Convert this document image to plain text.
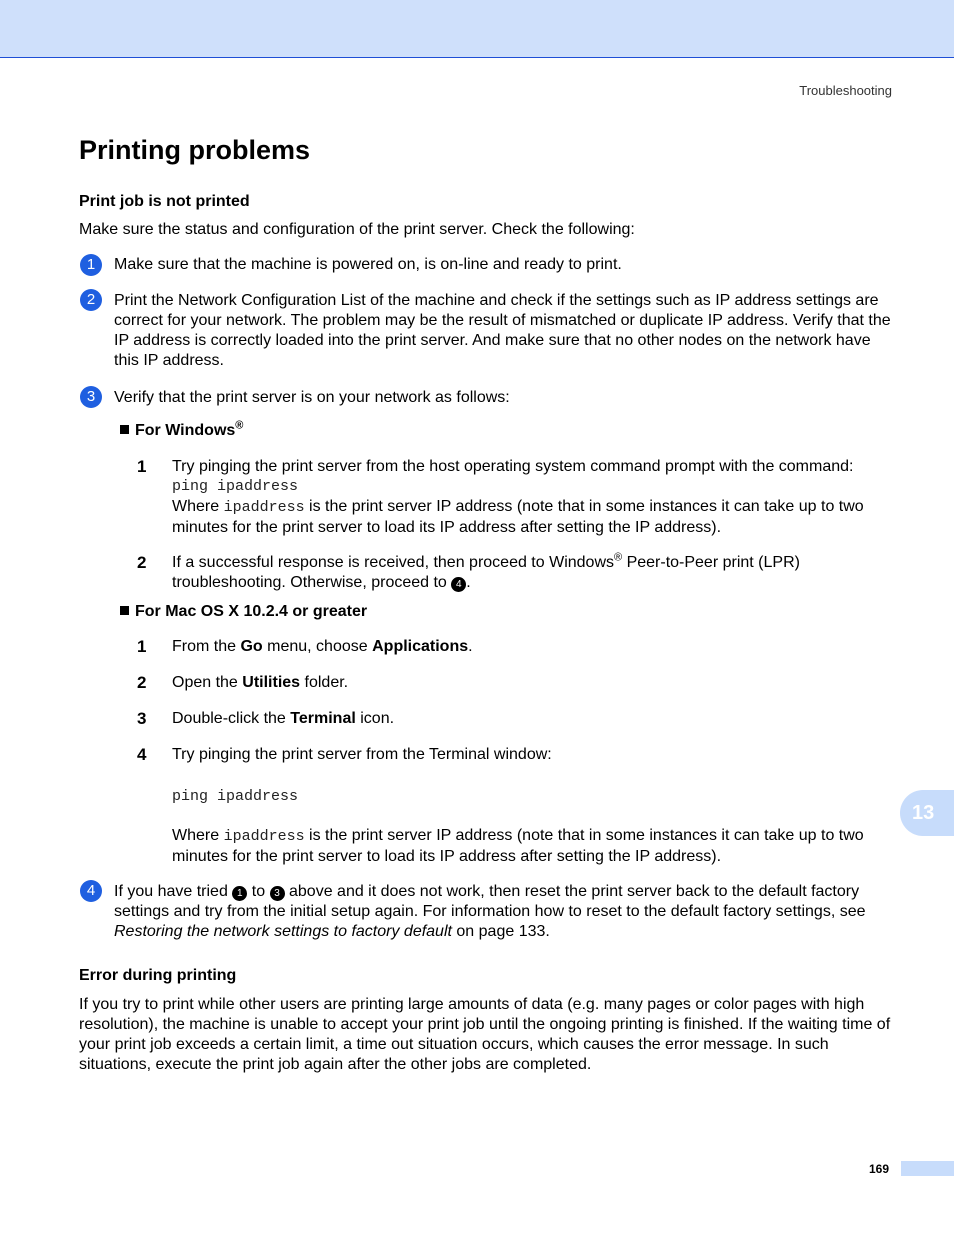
Troubleshooting
Printing problems
Print job is not printed
Make sure the status and configuration of the print server. Check the following:
1	Make sure that the machine is powered on, is on-line and ready to print.
2	Print the Network Configuration List of the machine and check if the settings such as IP address settings are correct for your network. The problem may be the result of mismatched or duplicate IP address. Verify that the IP address is correctly loaded into the print server. And make sure that no other nodes on the network have this IP address.
3	Verify that the print server is on your network as follows:
For Windows®
1 Try pinging the print server from the host operating system command prompt with the command:
ping ipaddress
Where ipaddress is the print server IP address (note that in some instances it can take up to two minutes for the print server to load its IP address after setting the IP address).
2 If a successful response is received, then proceed to Windows® Peer-to-Peer print (LPR) troubleshooting. Otherwise, proceed to 4 .
For Mac OS X 10.2.4 or greater
1 From the Go menu, choose Applications.
2 Open the Utilities folder.
3 Double-click the Terminal icon.
4 Try pinging the print server from the Terminal window:
ping ipaddress
Where ipaddress is the print server IP address (note that in some instances it can take up to two minutes for the print server to load its IP address after setting the IP address).
4	If you have tried 1 to 3 above and it does not work, then reset the print server back to the default factory settings and try from the initial setup again. For information how to reset to the default factory settings, see Restoring the network settings to factory default on page 133.
Error during printing
If you try to print while other users are printing large amounts of data (e.g. many pages or color pages with high resolution), the machine is unable to accept your print job until the ongoing printing is finished. If the waiting time of your print job exceeds a certain limit, a time out situation occurs, which causes the error message. In such situations, execute the print job again after the other jobs are completed.
13
169
